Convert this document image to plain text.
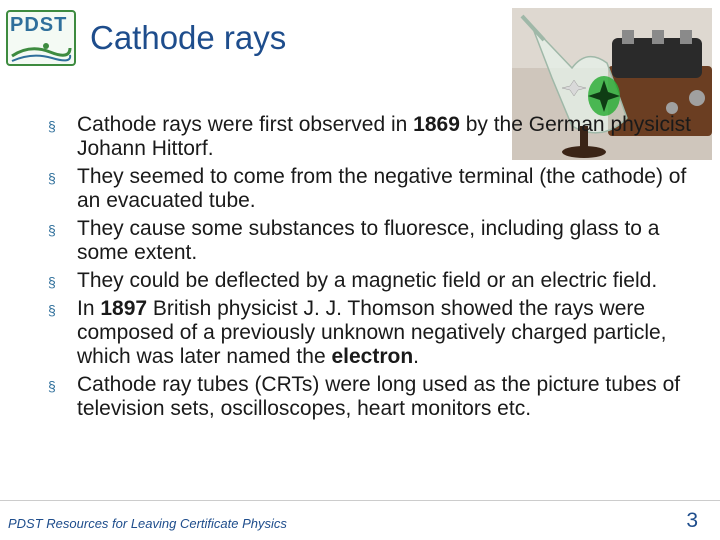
PDST Cathode rays
§ Cathode rays were first observed in 1869 by the German physicist Johann Hittorf.
§ They seemed to come from the negative terminal (the cathode) of an evacuated tube.
§ They cause some substances to fluoresce, including glass to a some extent.
§ They could be deflected by a magnetic field or an electric field.
§ In 1897 British physicist J. J. Thomson showed the rays were composed of a previously unknown negatively charged particle, which was later named the electron.
§ Cathode ray tubes (CRTs) were long used as the picture tubes of television sets, oscilloscopes, heart monitors etc.
PDST Resources for Leaving Certificate Physics	3
